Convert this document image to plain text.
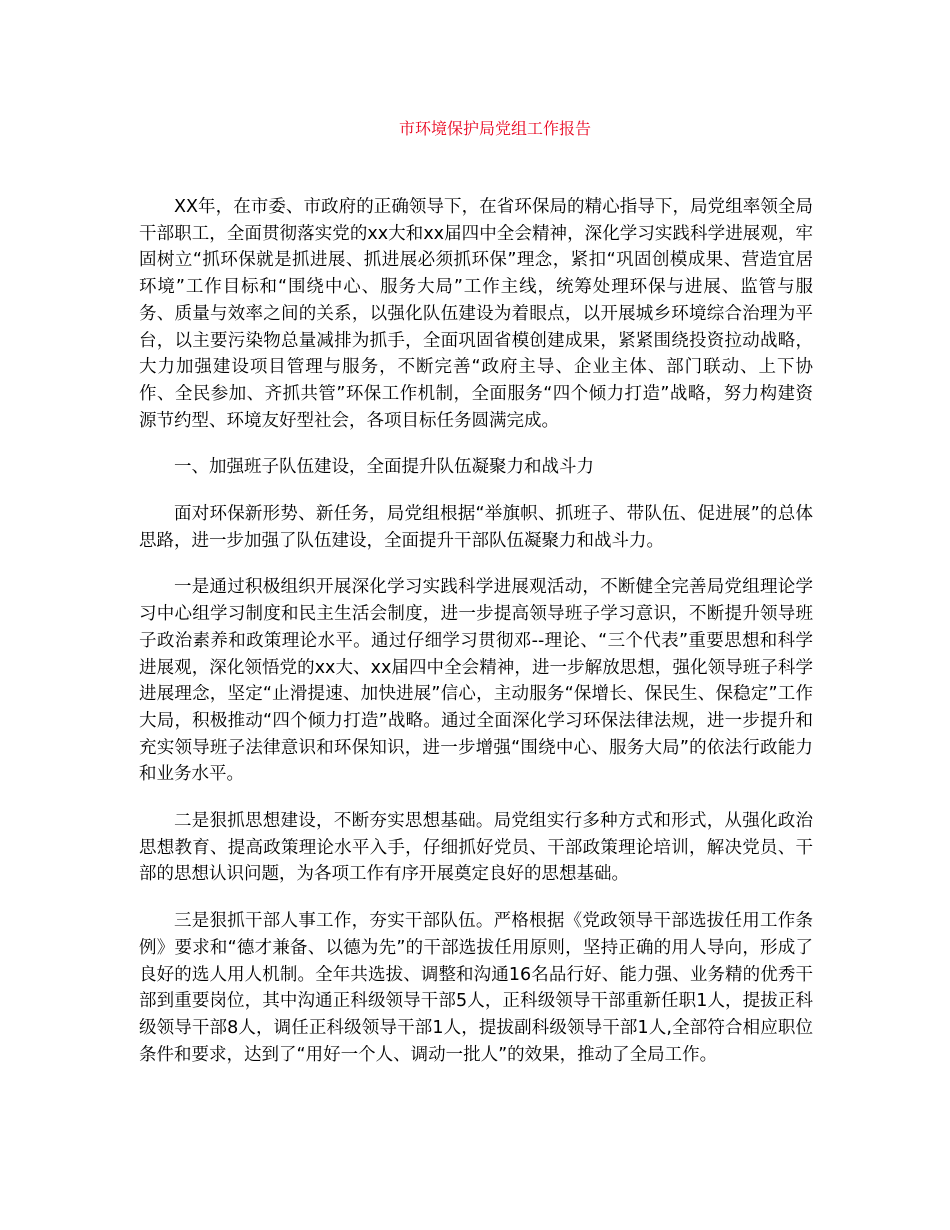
市环境保护局党组工作报告

XX年，在市委、市政府的正确领导下，在省环保局的精心指导下，局党组率领全局干部职工，全面贯彻落实党的xx大和xx届四中全会精神，深化学习实践科学进展观，牢固树立“抓环保就是抓进展、抓进展必须抓环保”理念，紧扣“巩固创模成果、营造宜居环境”工作目标和“围绕中心、服务大局”工作主线，统筹处理环保与进展、监管与服务、质量与效率之间的关系，以强化队伍建设为着眼点，以开展城乡环境综合治理为平台，以主要污染物总量减排为抓手，全面巩固省模创建成果，紧紧围绕投资拉动战略，大力加强建设项目管理与服务，不断完善“政府主导、企业主体、部门联动、上下协作、全民参加、齐抓共管”环保工作机制，全面服务“四个倾力打造”战略，努力构建资源节约型、环境友好型社会，各项目标任务圆满完成。

一、加强班子队伍建设，全面提升队伍凝聚力和战斗力

面对环保新形势、新任务，局党组根据“举旗帜、抓班子、带队伍、促进展”的总体思路，进一步加强了队伍建设，全面提升干部队伍凝聚力和战斗力。

一是通过积极组织开展深化学习实践科学进展观活动，不断健全完善局党组理论学习中心组学习制度和民主生活会制度，进一步提高领导班子学习意识，不断提升领导班子政治素养和政策理论水平。通过仔细学习贯彻邓--理论、“三个代表”重要思想和科学进展观，深化领悟党的xx大、xx届四中全会精神，进一步解放思想，强化领导班子科学进展理念，坚定“止滑提速、加快进展”信心，主动服务“保增长、保民生、保稳定”工作大局，积极推动“四个倾力打造”战略。通过全面深化学习环保法律法规，进一步提升和充实领导班子法律意识和环保知识，进一步增强“围绕中心、服务大局”的依法行政能力和业务水平。

二是狠抓思想建设，不断夯实思想基础。局党组实行多种方式和形式，从强化政治思想教育、提高政策理论水平入手，仔细抓好党员、干部政策理论培训，解决党员、干部的思想认识问题，为各项工作有序开展奠定良好的思想基础。

三是狠抓干部人事工作，夯实干部队伍。严格根据《党政领导干部选拔任用工作条例》要求和“德才兼备、以德为先”的干部选拔任用原则，坚持正确的用人导向，形成了良好的选人用人机制。全年共选拔、调整和沟通16名品行好、能力强、业务精的优秀干部到重要岗位，其中沟通正科级领导干部5人，正科级领导干部重新任职1人，提拔正科级领导干部8人，调任正科级领导干部1人，提拔副科级领导干部1人,全部符合相应职位条件和要求，达到了“用好一个人、调动一批人”的效果，推动了全局工作。
